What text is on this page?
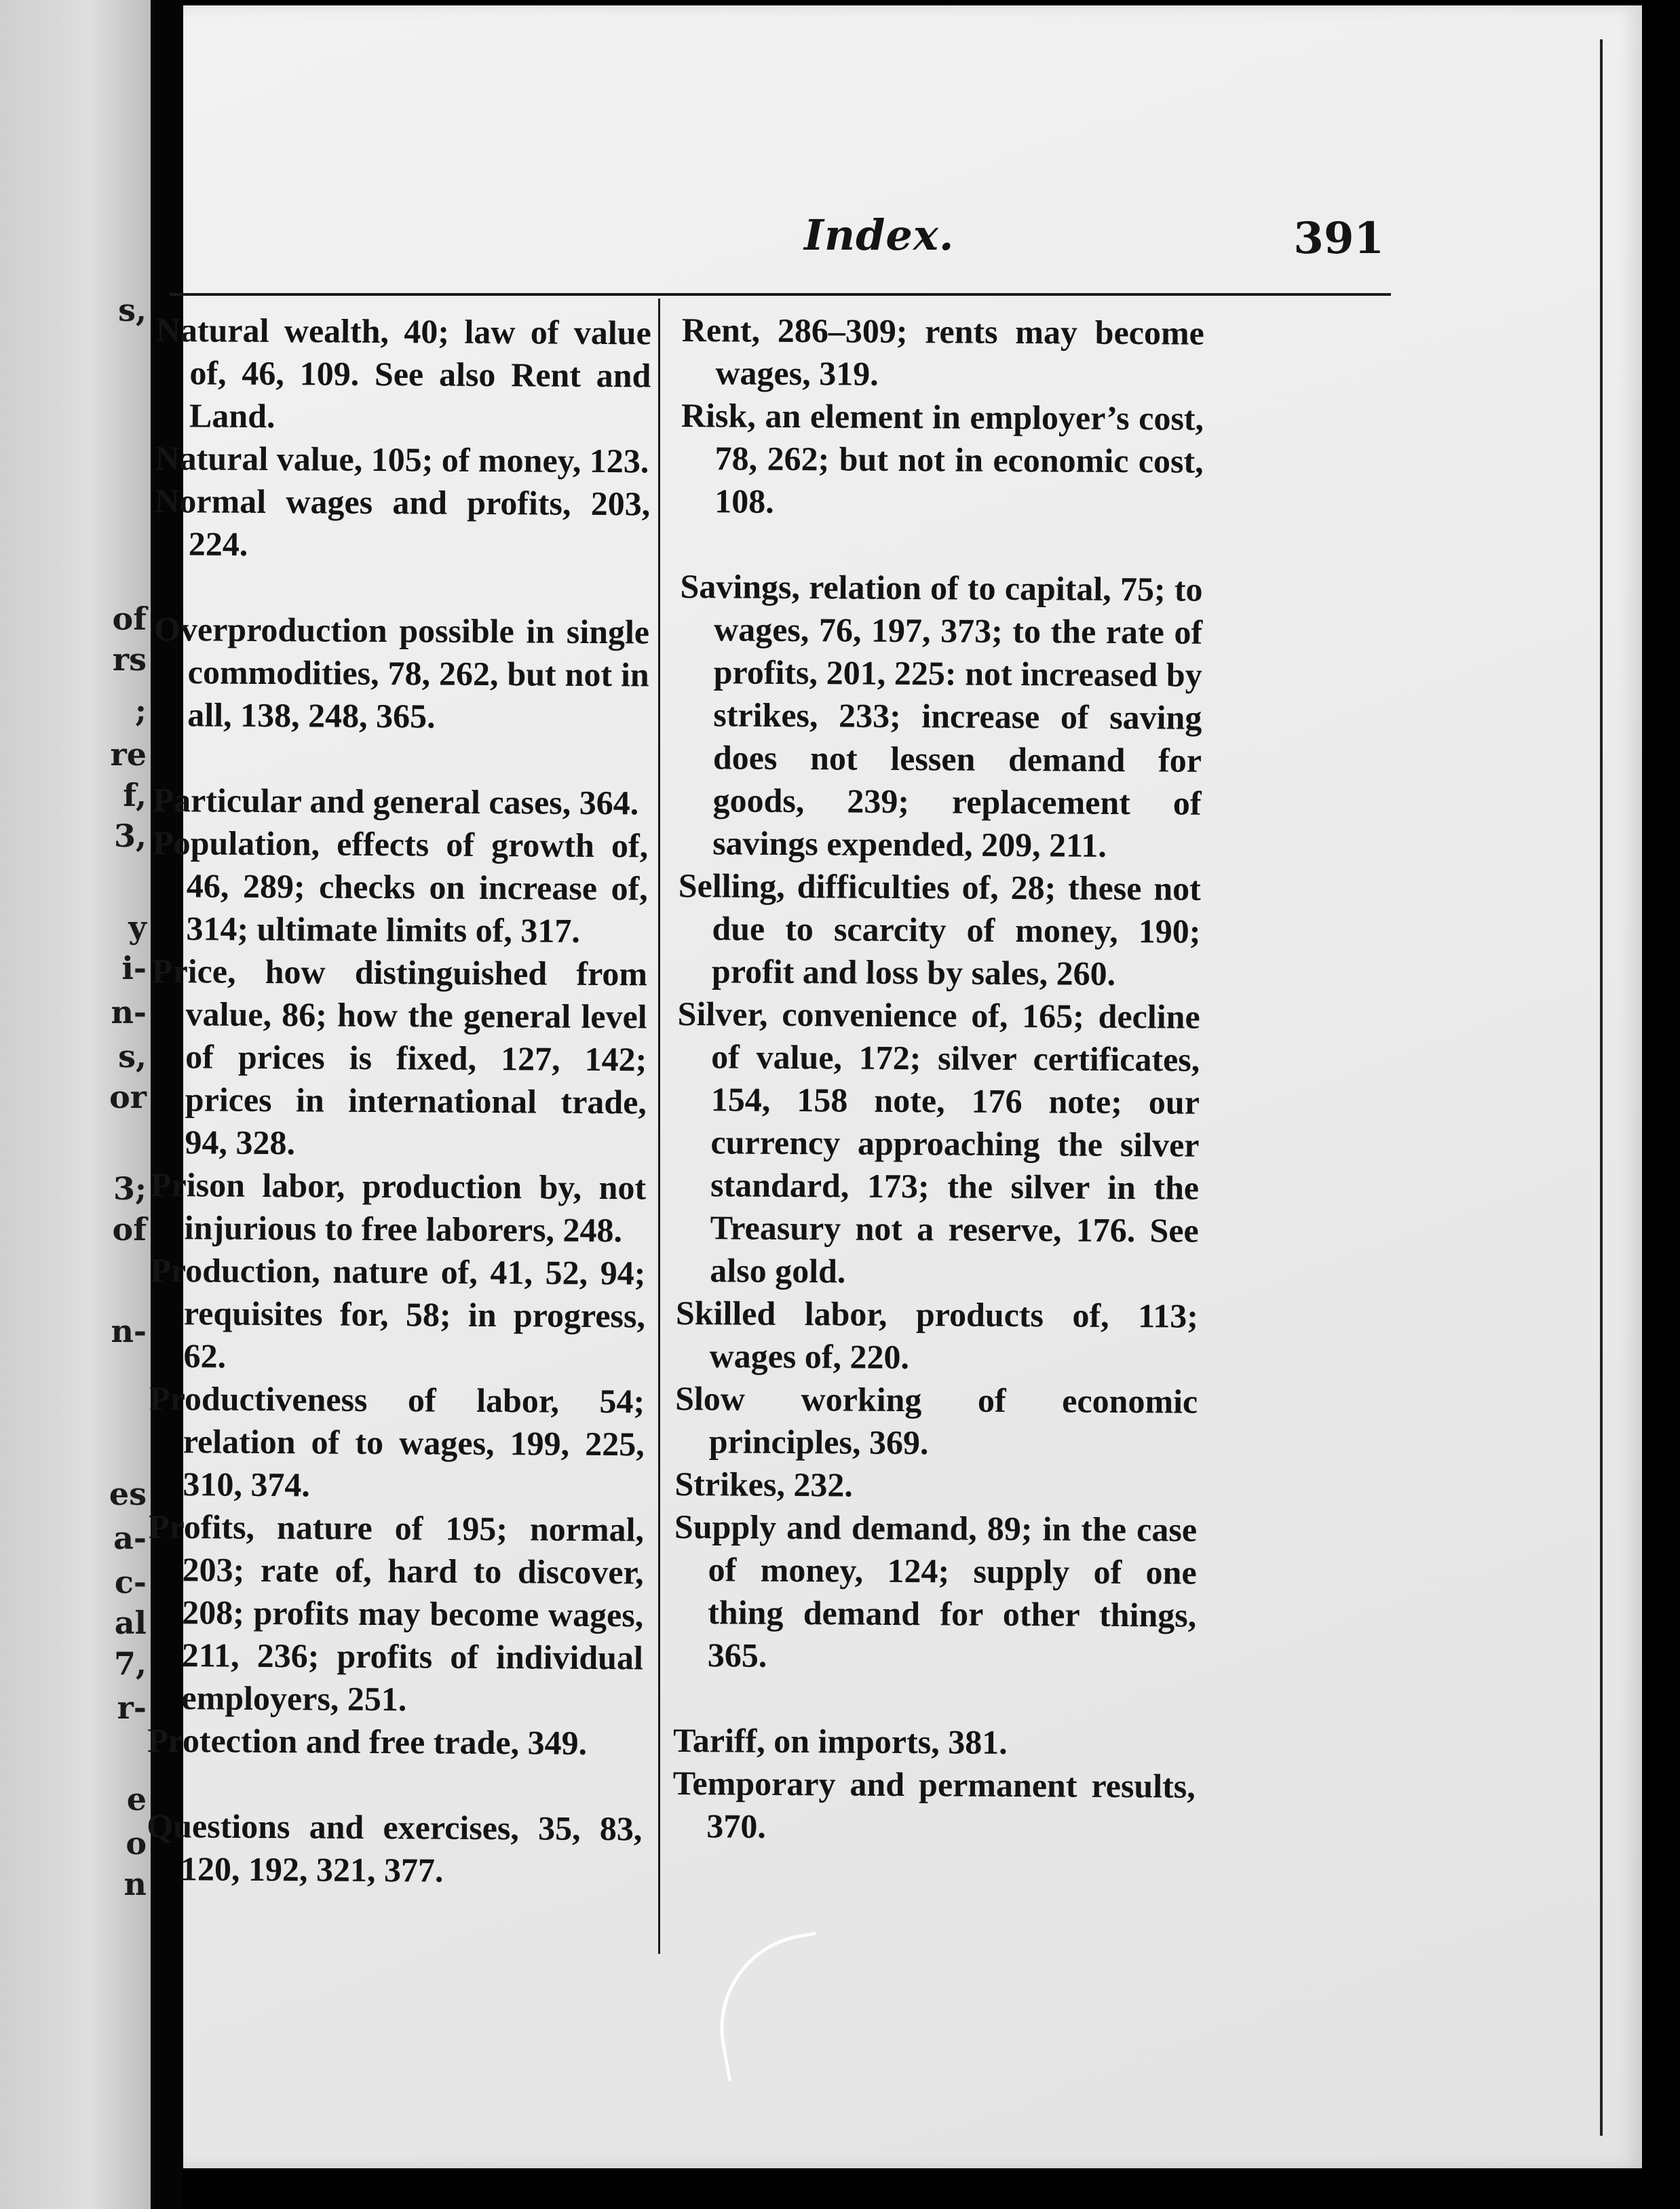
s,
of
rs
;
re
f,
3,
y
i-
n-
s,
or
3;
of
n-
es
a-
c-
al
7,
r-
e
o
n
Index.	391

Natural wealth, 40; law of value of, 46, 109. See also Rent and Land.

Natural value, 105; of money, 123.

Normal wages and profits, 203, 224.

Overproduction possible in single commodities, 78, 262, but not in all, 138, 248, 365.

Particular and general cases, 364.

Population, effects of growth of, 46, 289; checks on increase of, 314; ultimate limits of, 317.

Price, how distinguished from value, 86; how the general level of prices is fixed, 127, 142; prices in international trade, 94, 328.

Prison labor, production by, not injurious to free laborers, 248.

Production, nature of, 41, 52, 94; requisites for, 58; in progress, 62.

Productiveness of labor, 54; relation of to wages, 199, 225, 310, 374.

Profits, nature of 195; normal, 203; rate of, hard to discover, 208; profits may become wages, 211, 236; profits of individual employers, 251.

Protection and free trade, 349.

Questions and exercises, 35, 83, 120, 192, 321, 377.

Rent, 286–309; rents may become wages, 319.

Risk, an element in employer’s cost, 78, 262; but not in economic cost, 108.

Savings, relation of to capital, 75; to wages, 76, 197, 373; to the rate of profits, 201, 225: not increased by strikes, 233; increase of saving does not lessen demand for goods, 239; replacement of savings expended, 209, 211.

Selling, difficulties of, 28; these not due to scarcity of money, 190; profit and loss by sales, 260.

Silver, convenience of, 165; decline of value, 172; silver certificates, 154, 158 note, 176 note; our currency approaching the silver standard, 173; the silver in the Treasury not a reserve, 176. See also gold.

Skilled labor, products of, 113; wages of, 220.

Slow working of economic principles, 369.

Strikes, 232.

Supply and demand, 89; in the case of money, 124; supply of one thing demand for other things, 365.

Tariff, on imports, 381.

Temporary and permanent results, 370.
